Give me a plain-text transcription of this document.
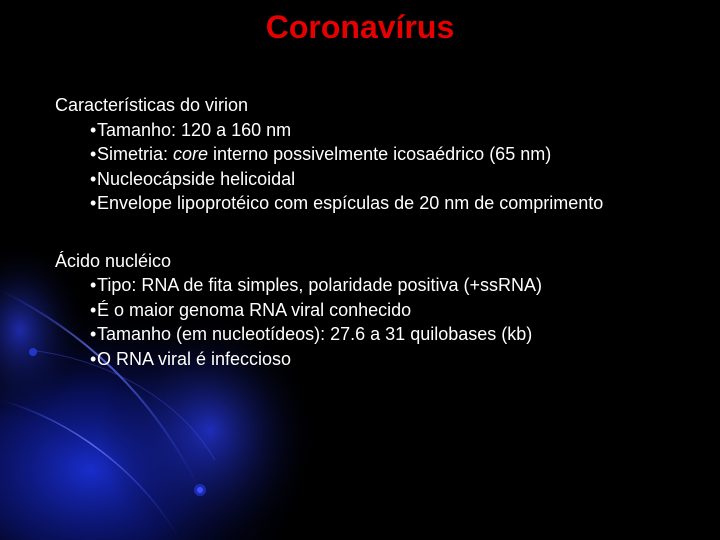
Coronavírus
Características do virion
•Tamanho: 120 a 160 nm
•Simetria: core interno possivelmente icosaédrico (65 nm)
•Nucleocápside helicoidal
•Envelope lipoprotéico com espículas de 20 nm de comprimento
Ácido nucléico
•Tipo: RNA de fita simples, polaridade positiva (+ssRNA)
•É o maior genoma RNA viral conhecido
•Tamanho (em nucleotídeos): 27.6 a 31 quilobases (kb)
•O RNA viral é infeccioso
